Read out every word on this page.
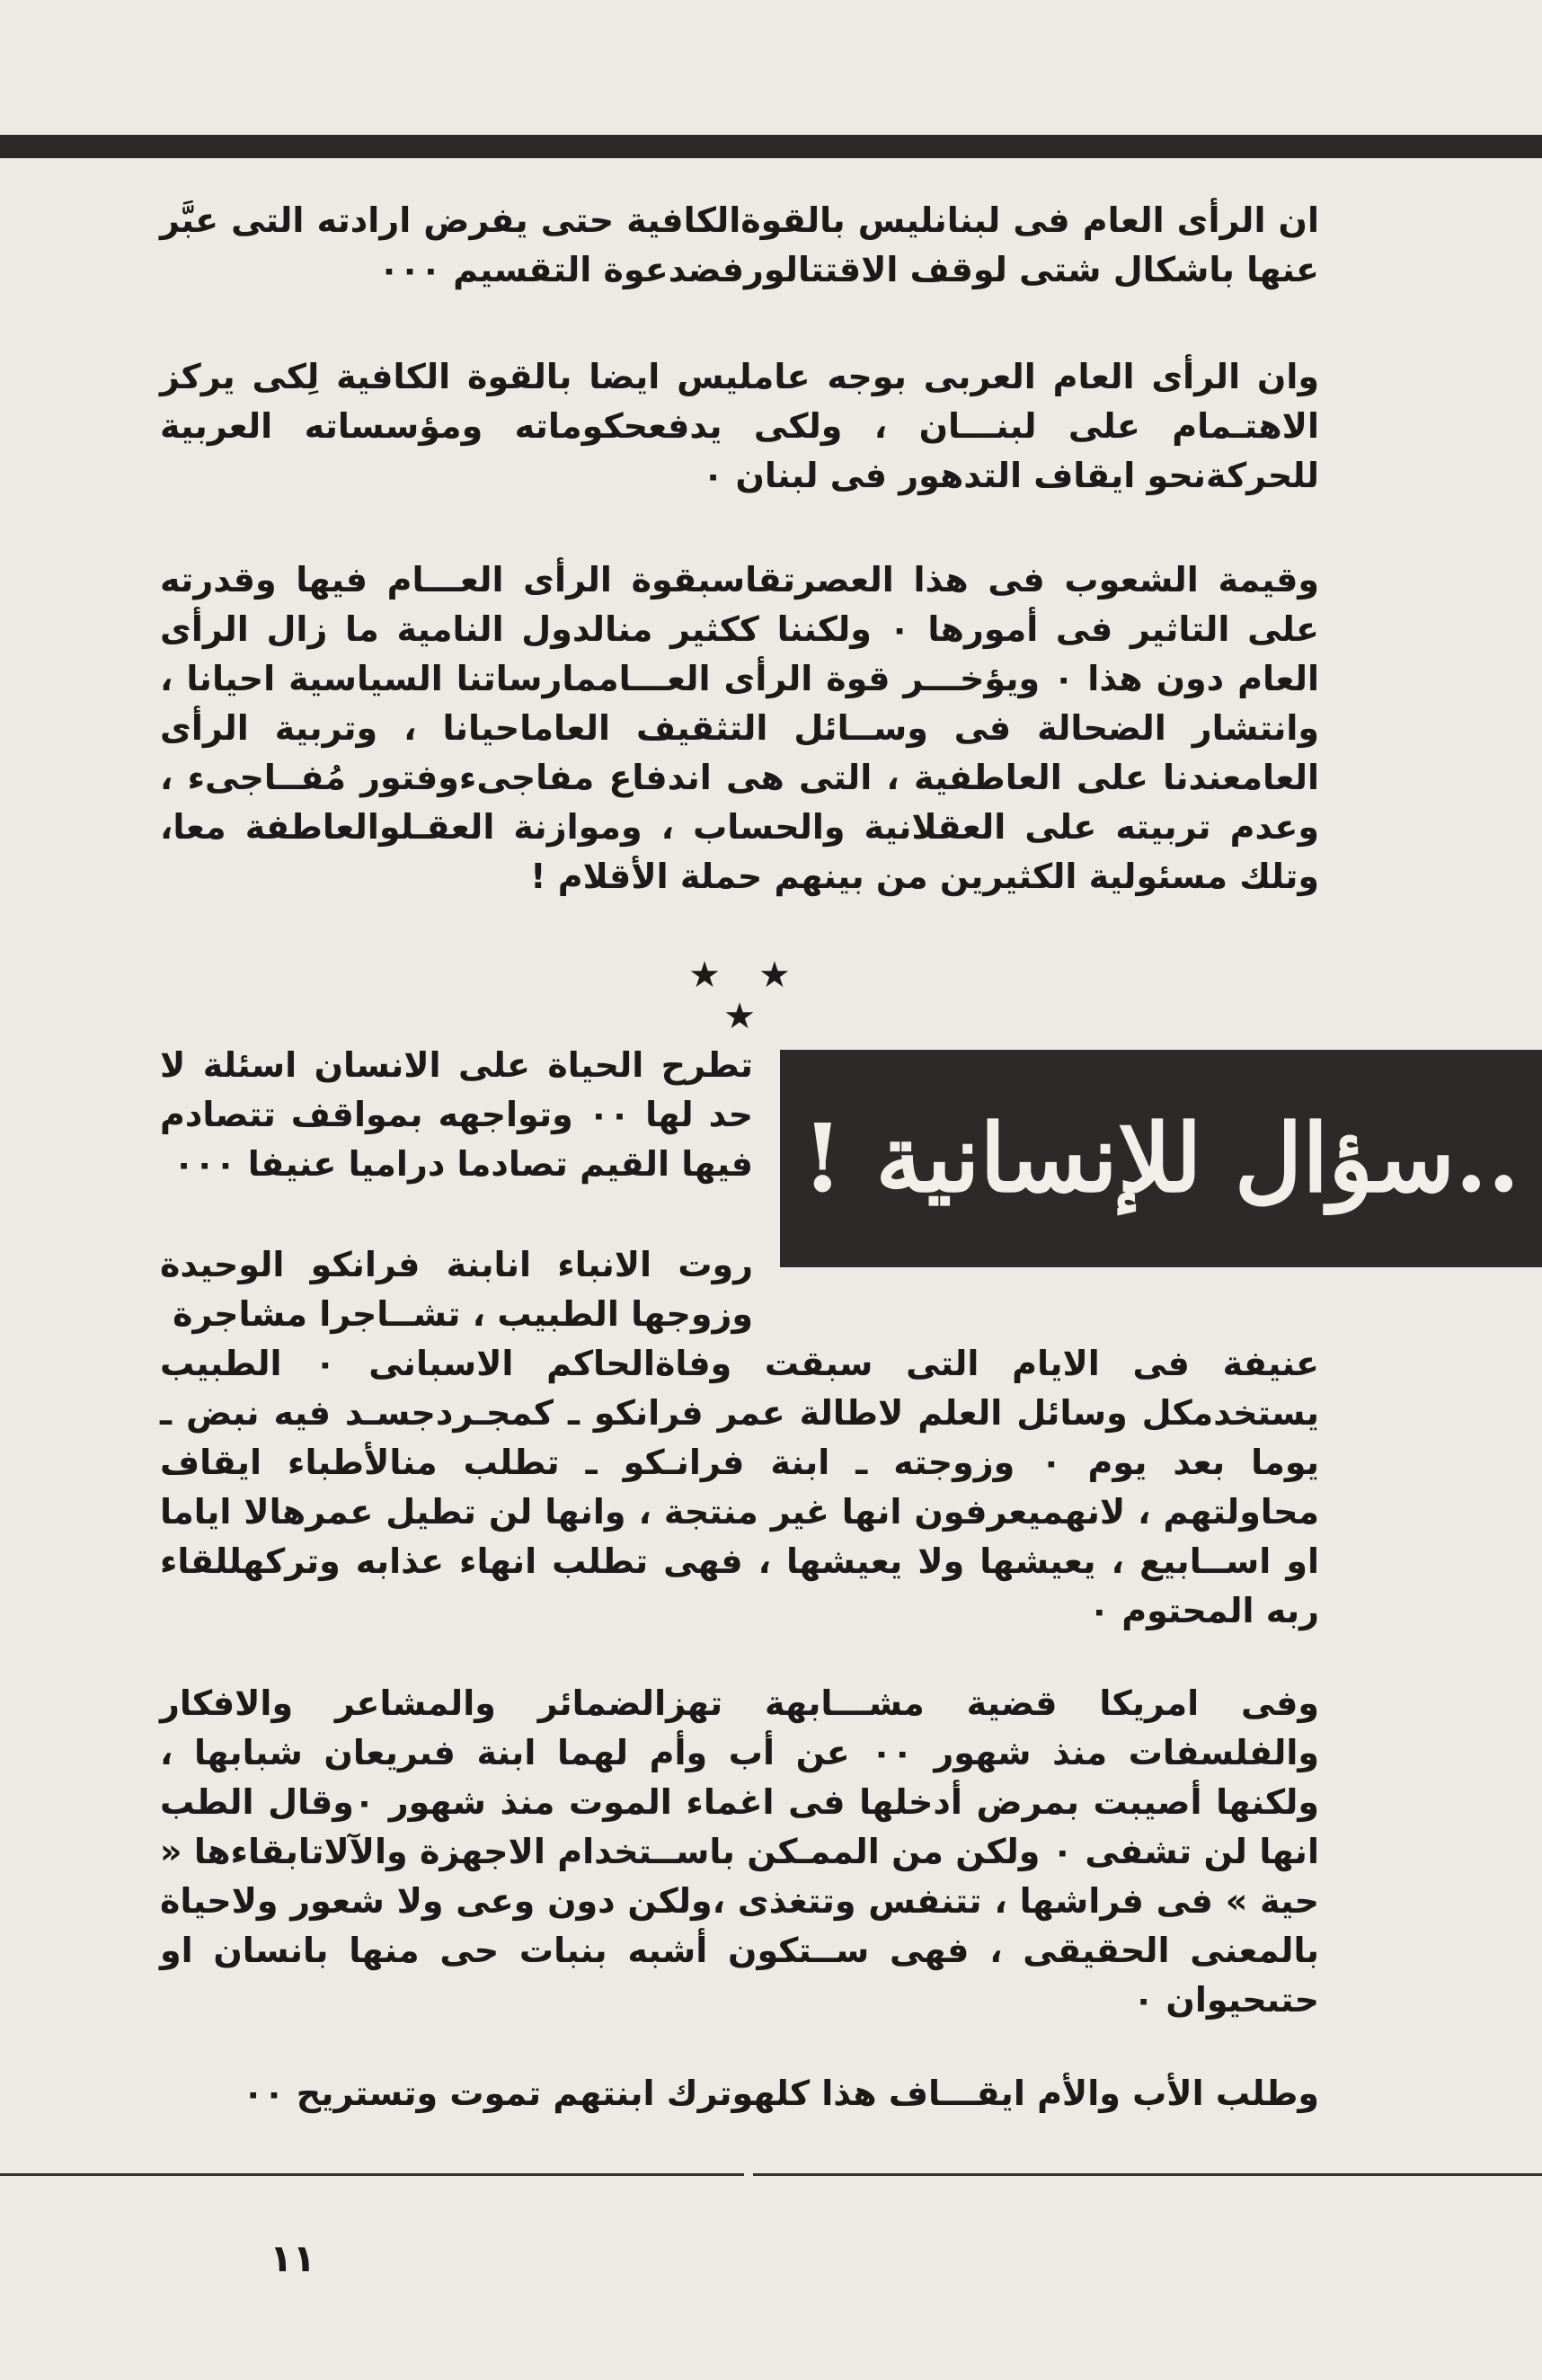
ان الرأى العام فى لبنانليس بالقوةالكافية حتى يفرض ارادته التى عبَّر عنها باشكال شتى لوقف الاقتتالورفضدعوة التقسيم ٠٠٠

وان الرأى العام العربى بوجه عامليس ايضا بالقوة الكافية لِكى يركز الاهتـمام على لبنـــان ، ولكى يدفعحكوماته ومؤسساته العربية للحركةنحو ايقاف التدهور فى لبنان ٠

وقيمة الشعوب فى هذا العصرتقاسبقوة الرأى العـــام فيها وقدرته على التاثير فى أمورها ٠ ولكننا ككثير منالدول النامية ما زال الرأى العام دون هذا ٠ ويؤخـــر قوة الرأى العـــاممارساتنا السياسية احيانا ، وانتشار الضحالة فى وســائل التثقيف العاماحيانا ، وتربية الرأى العامعندنا على العاطفية ، التى هى اندفاع مفاجىءوفتور مُفــاجىء ، وعدم تربيته على العقلانية والحساب ، وموازنة العقـلوالعاطفة معا، وتلك مسئولية الكثيرين من بينهم حملة الأقلام !

★ ★ ★
..سؤال للإنسانية !

تطرح الحياة على الانسان اسئلة لا حد لها ٠٠ وتواجهه بمواقف تتصادم فيها القيم تصادما دراميا عنيفا ٠٠٠

روت الانباء انابنة فرانكو الوحيدة وزوجها الطبيب ، تشــاجرا مشاجرة

عنيفة فى الايام التى سبقت وفاةالحاكم الاسبانى ٠ الطبيب يستخدمكل وسائل العلم لاطالة عمر فرانكو ـ كمجـردجسـد فيه نبض ـ يوما بعد يوم ٠ وزوجته ـ ابنة فرانـكو ـ تطلب منالأطباء ايقاف محاولتهم ، لانهميعرفون انها غير منتجة ، وانها لن تطيل عمرهالا اياما او اســابيع ، يعيشها ولا يعيشها ، فهى تطلب انهاء عذابه وتركهللقاء ربه المحتوم ٠

وفى امريكا قضية مشـــابهة تهزالضمائر والمشاعر والافكار والفلسفات منذ شهور ٠٠ عن أب وأم لهما ابنة فىريعان شبابها ، ولكنها أصيبت بمرض أدخلها فى اغماء الموت منذ شهور ٠وقال الطب انها لن تشفى ٠ ولكن من الممـكن باســتخدام الاجهزة والآلاتابقاءها « حية » فى فراشها ، تتنفس وتتغذى ،ولكن دون وعى ولا شعور ولاحياة بالمعنى الحقيقى ، فهى ســتكون أشبه بنبات حى منها بانسان او حتىحيوان ٠

وطلب الأب والأم ايقـــاف هذا كلهوترك ابنتهم تموت وتستريح ٠٠

١١
